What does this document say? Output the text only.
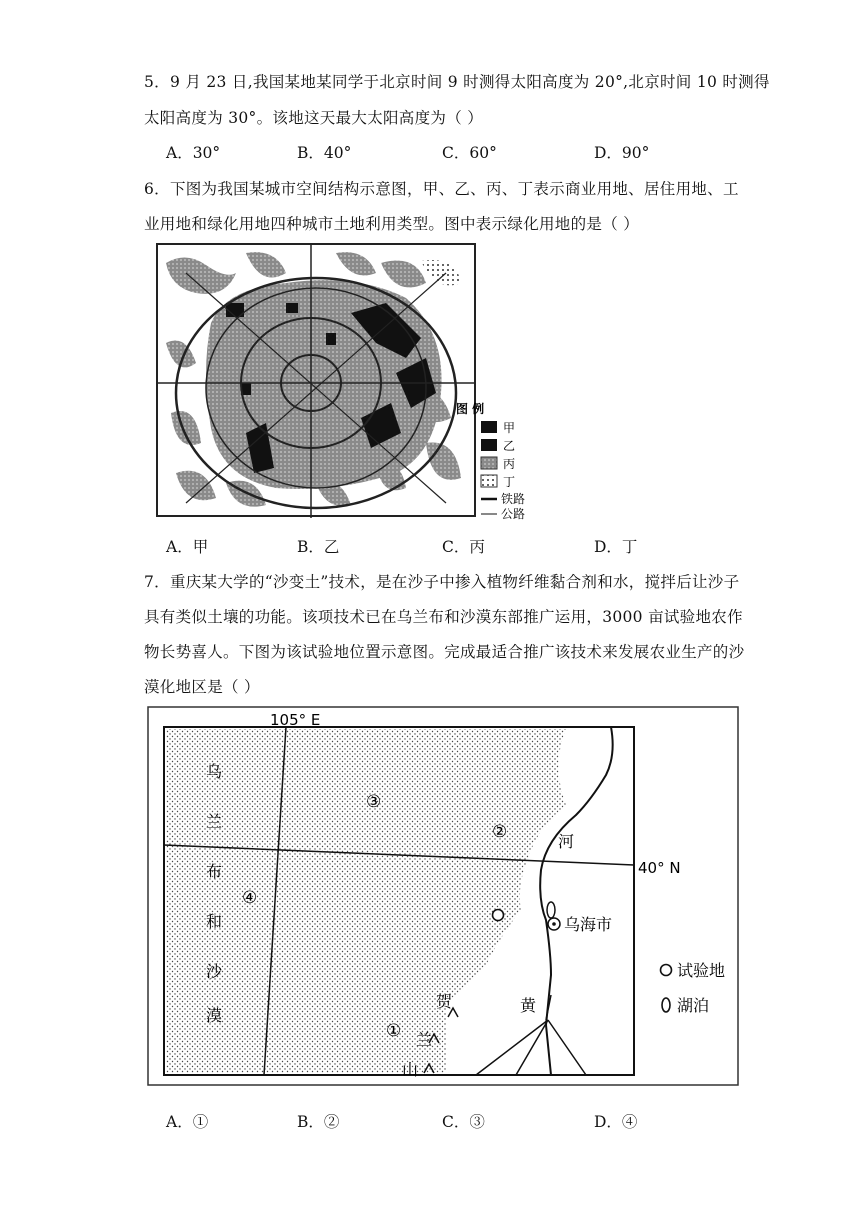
5．9 月 23 日,我国某地某同学于北京时间 9 时测得太阳高度为 20°,北京时间 10 时测得
太阳高度为 30°。该地这天最大太阳高度为（ ）
A．30°	B．40°	C．60°	D．90°
6．下图为我国某城市空间结构示意图，甲、乙、丙、丁表示商业用地、居住用地、工
业用地和绿化用地四种城市土地利用类型。图中表示绿化用地的是（ ）
图 例
甲
乙
丙
丁
铁路
公路
A．甲	B．乙	C．丙	D．丁
7．重庆某大学的“沙变土”技术，是在沙子中掺入植物纤维黏合剂和水，搅拌后让沙子
具有类似土壤的功能。该项技术已在乌兰布和沙漠东部推广运用，3000 亩试验地农作
物长势喜人。下图为该试验地位置示意图。完成最适合推广该技术来发展农业生产的沙
漠化地区是（ ）
105° E
40° N
乌
兰
布
和
沙
漠
①
②
③
④
河
黄
乌海市
贺
兰
山
试验地
湖泊
A．①	B．②	C．③	D．④
